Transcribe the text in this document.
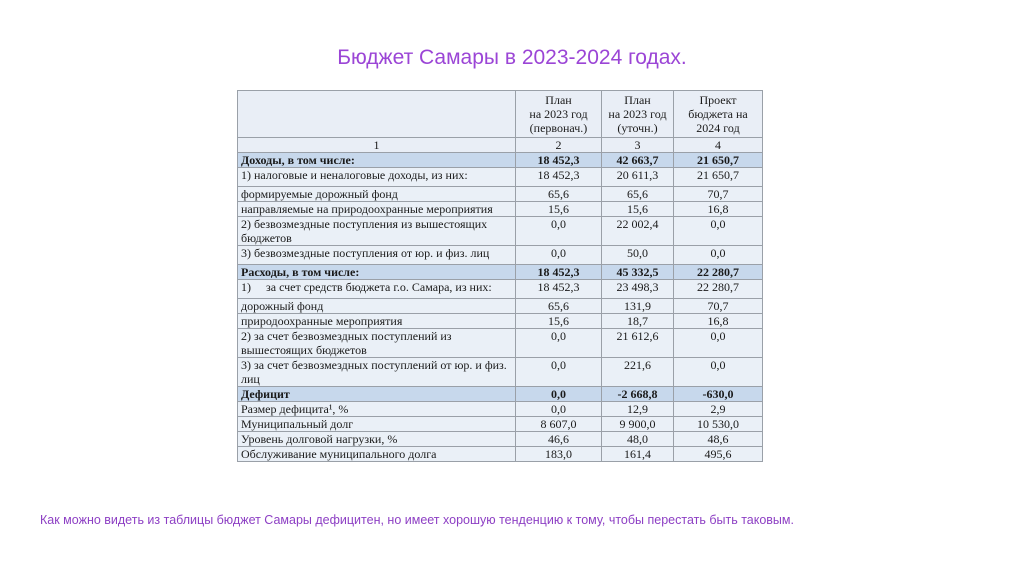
Бюджет Самары в 2023-2024 годах.
	План
на 2023 год
(первонач.)	План
на 2023 год
(уточн.)	Проект
бюджета на
2024 год
1	2	3	4
Доходы, в том числе:	18 452,3	42 663,7	21 650,7
1) налоговые и неналоговые доходы, из них:	18 452,3	20 611,3	21 650,7
формируемые дорожный фонд	65,6	65,6	70,7
направляемые на природоохранные мероприятия	15,6	15,6	16,8
2) безвозмездные поступления из вышестоящих бюджетов	0,0	22 002,4	0,0
3) безвозмездные поступления от юр. и физ. лиц	0,0	50,0	0,0
Расходы, в том числе:	18 452,3	45 332,5	22 280,7
1)     за счет средств бюджета г.о. Самара, из них:	18 452,3	23 498,3	22 280,7
дорожный фонд	65,6	131,9	70,7
природоохранные мероприятия	15,6	18,7	16,8
2) за счет безвозмездных поступлений из вышестоящих бюджетов	0,0	21 612,6	0,0
3) за счет безвозмездных поступлений от юр. и физ. лиц	0,0	221,6	0,0
Дефицит	0,0	-2 668,8	-630,0
Размер дефицита¹, %	0,0	12,9	2,9
Муниципальный долг	8 607,0	9 900,0	10 530,0
Уровень долговой нагрузки, %	46,6	48,0	48,6
Обслуживание муниципального долга	183,0	161,4	495,6

Как можно видеть из таблицы бюджет Самары дефицитен, но имеет хорошую тенденцию к тому, чтобы перестать быть таковым.
